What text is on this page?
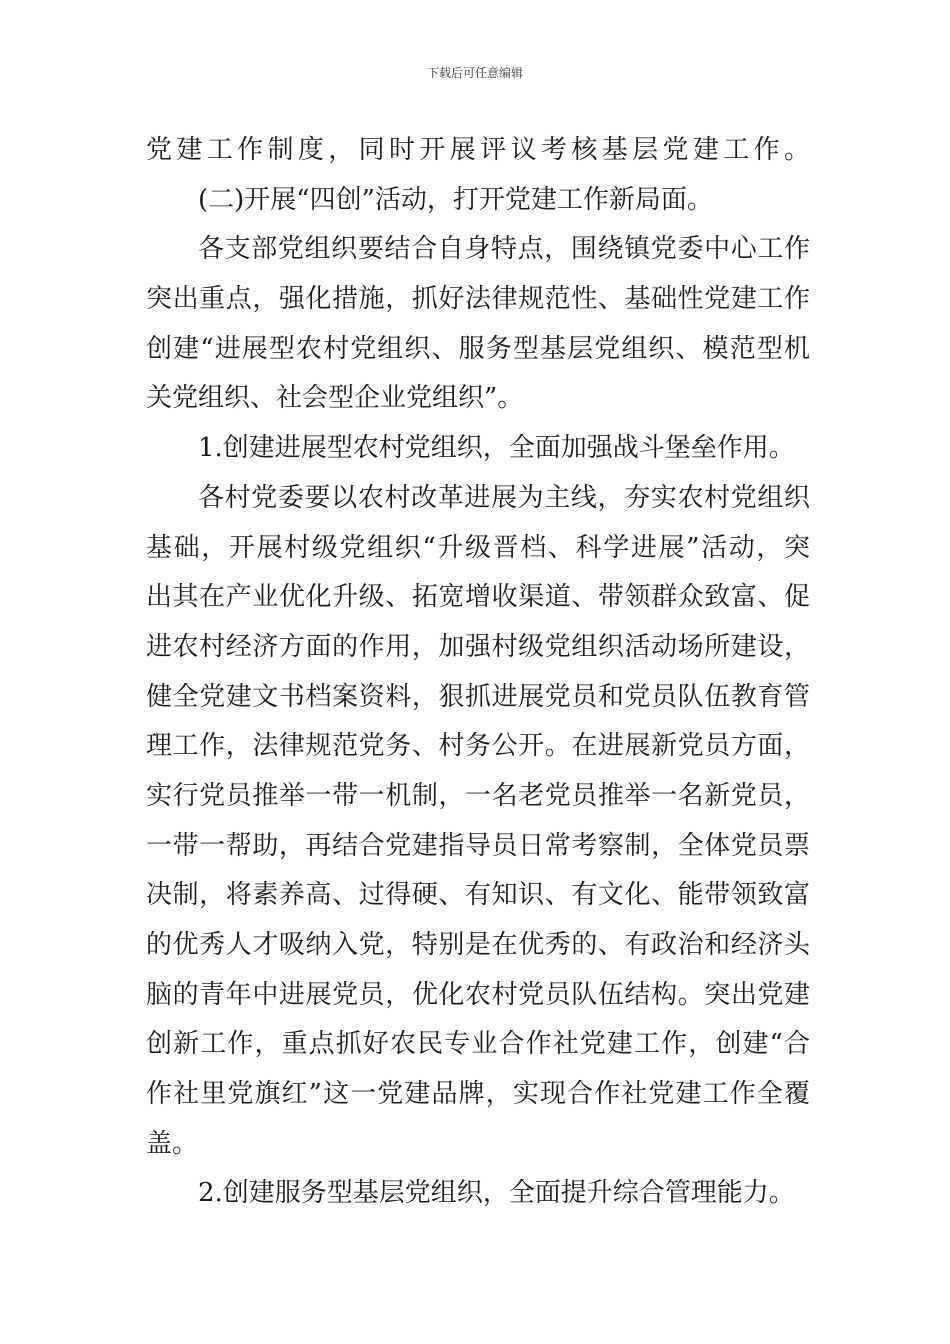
下载后可任意编辑
党建工作制度，同时开展评议考核基层党建工作。
(二)开展“四创”活动，打开党建工作新局面。
各支部党组织要结合自身特点，围绕镇党委中心工作
突出重点，强化措施，抓好法律规范性、基础性党建工作
创建“进展型农村党组织、服务型基层党组织、模范型机
关党组织、社会型企业党组织”。
1.创建进展型农村党组织，全面加强战斗堡垒作用。
各村党委要以农村改革进展为主线，夯实农村党组织
基础，开展村级党组织“升级晋档、科学进展”活动，突
出其在产业优化升级、拓宽增收渠道、带领群众致富、促
进农村经济方面的作用，加强村级党组织活动场所建设，
健全党建文书档案资料，狠抓进展党员和党员队伍教育管
理工作，法律规范党务、村务公开。在进展新党员方面，
实行党员推举一带一机制，一名老党员推举一名新党员，
一带一帮助，再结合党建指导员日常考察制，全体党员票
决制，将素养高、过得硬、有知识、有文化、能带领致富
的优秀人才吸纳入党，特别是在优秀的、有政治和经济头
脑的青年中进展党员，优化农村党员队伍结构。突出党建
创新工作，重点抓好农民专业合作社党建工作，创建“合
作社里党旗红”这一党建品牌，实现合作社党建工作全覆
盖。
2.创建服务型基层党组织，全面提升综合管理能力。
